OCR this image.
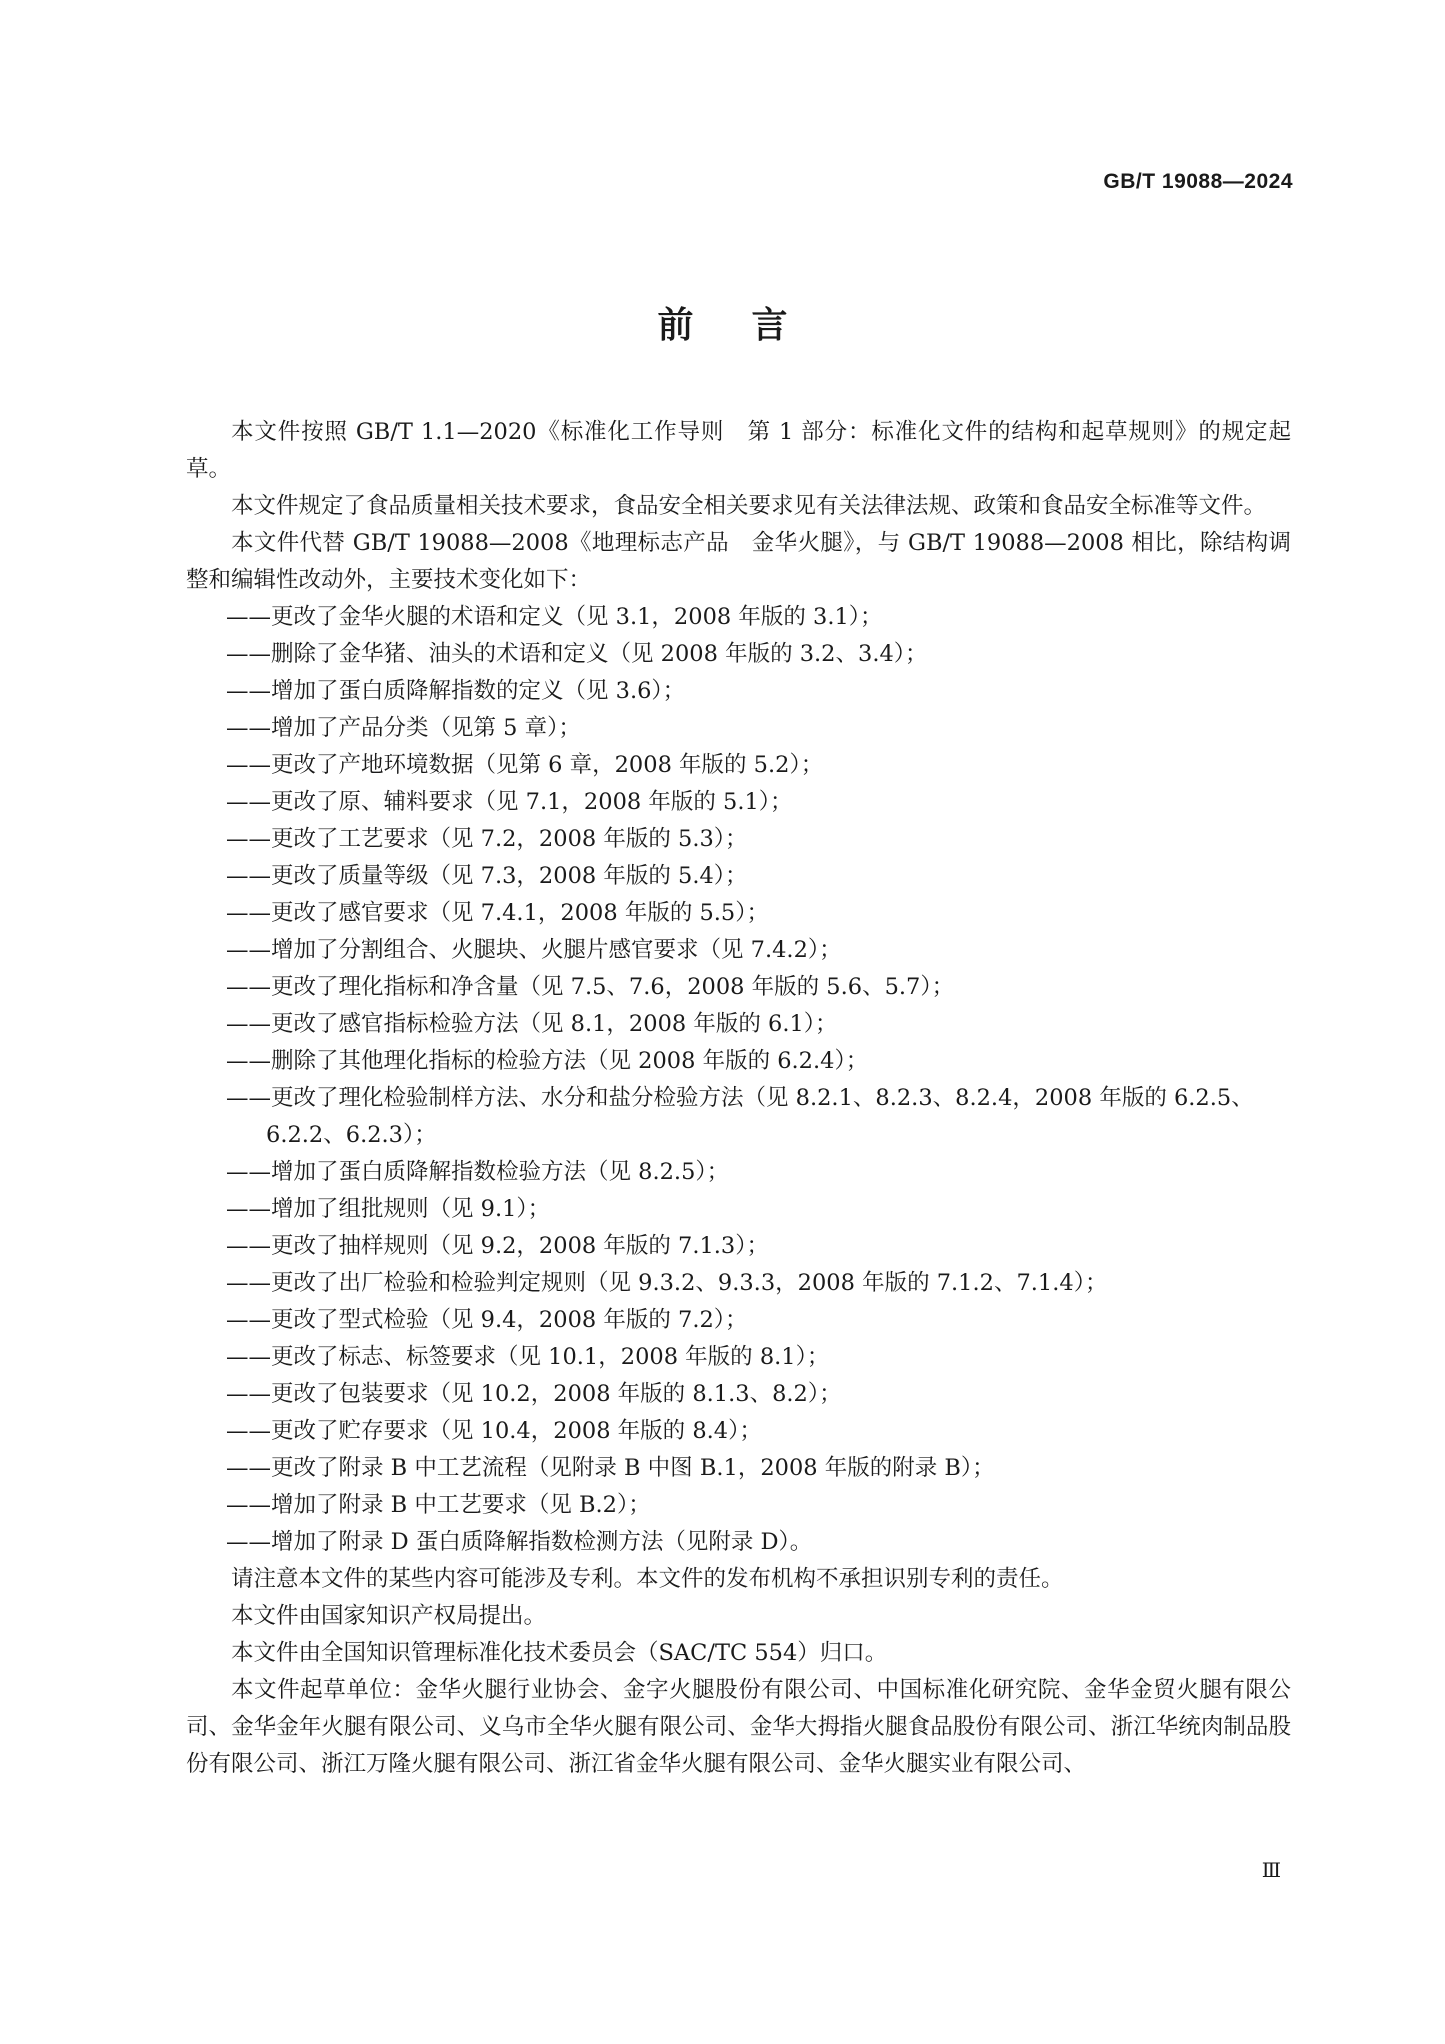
GB/T 19088—2024
前言

本文件按照 GB/T 1.1—2020《标准化工作导则　第 1 部分：标准化文件的结构和起草规则》的规定起草。

本文件规定了食品质量相关技术要求，食品安全相关要求见有关法律法规、政策和食品安全标准等文件。

本文件代替 GB/T 19088—2008《地理标志产品　金华火腿》，与 GB/T 19088—2008 相比，除结构调整和编辑性改动外，主要技术变化如下：

——更改了金华火腿的术语和定义（见 3.1，2008 年版的 3.1）；
——删除了金华猪、油头的术语和定义（见 2008 年版的 3.2、3.4）；
——增加了蛋白质降解指数的定义（见 3.6）；
——增加了产品分类（见第 5 章）；
——更改了产地环境数据（见第 6 章，2008 年版的 5.2）；
——更改了原、辅料要求（见 7.1，2008 年版的 5.1）；
——更改了工艺要求（见 7.2，2008 年版的 5.3）；
——更改了质量等级（见 7.3，2008 年版的 5.4）；
——更改了感官要求（见 7.4.1，2008 年版的 5.5）；
——增加了分割组合、火腿块、火腿片感官要求（见 7.4.2）；
——更改了理化指标和净含量（见 7.5、7.6，2008 年版的 5.6、5.7）；
——更改了感官指标检验方法（见 8.1，2008 年版的 6.1）；
——删除了其他理化指标的检验方法（见 2008 年版的 6.2.4）；
——更改了理化检验制样方法、水分和盐分检验方法（见 8.2.1、8.2.3、8.2.4，2008 年版的 6.2.5、6.2.2、6.2.3）；
——增加了蛋白质降解指数检验方法（见 8.2.5）；
——增加了组批规则（见 9.1）；
——更改了抽样规则（见 9.2，2008 年版的 7.1.3）；
——更改了出厂检验和检验判定规则（见 9.3.2、9.3.3，2008 年版的 7.1.2、7.1.4）；
——更改了型式检验（见 9.4，2008 年版的 7.2）；
——更改了标志、标签要求（见 10.1，2008 年版的 8.1）；
——更改了包装要求（见 10.2，2008 年版的 8.1.3、8.2）；
——更改了贮存要求（见 10.4，2008 年版的 8.4）；
——更改了附录 B 中工艺流程（见附录 B 中图 B.1，2008 年版的附录 B）；
——增加了附录 B 中工艺要求（见 B.2）；
——增加了附录 D 蛋白质降解指数检测方法（见附录 D）。

请注意本文件的某些内容可能涉及专利。本文件的发布机构不承担识别专利的责任。

本文件由国家知识产权局提出。

本文件由全国知识管理标准化技术委员会（SAC/TC 554）归口。

本文件起草单位：金华火腿行业协会、金字火腿股份有限公司、中国标准化研究院、金华金贸火腿有限公司、金华金年火腿有限公司、义乌市全华火腿有限公司、金华大拇指火腿食品股份有限公司、浙江华统肉制品股份有限公司、浙江万隆火腿有限公司、浙江省金华火腿有限公司、金华火腿实业有限公司、

Ⅲ
